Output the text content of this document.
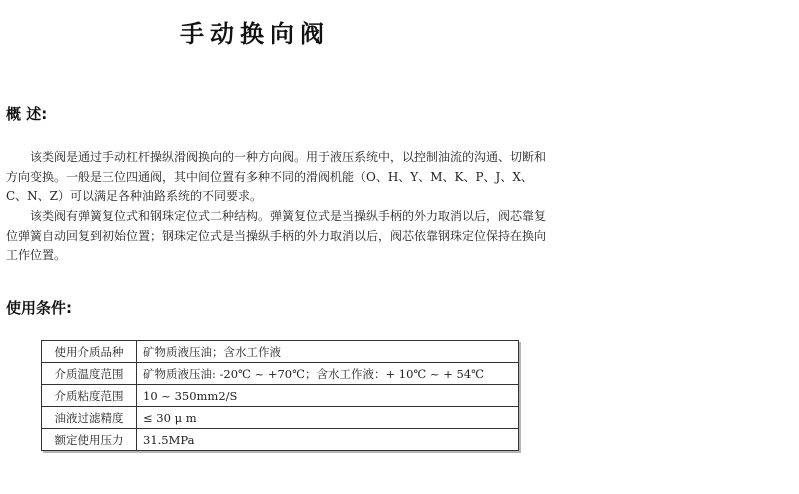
手动换向阀
概 述:

该类阀是通过手动杠杆操纵滑阀换向的一种方向阀。用于液压系统中，以控制油流的沟通、切断和方向变换。一般是三位四通阀，其中间位置有多种不同的滑阀机能（O、H、Y、M、K、P、J、X、C、N、Z）可以满足各种油路系统的不同要求。

该类阀有弹簧复位式和钢珠定位式二种结构。弹簧复位式是当操纵手柄的外力取消以后，阀芯靠复位弹簧自动回复到初始位置；钢珠定位式是当操纵手柄的外力取消以后，阀芯依靠钢珠定位保持在换向工作位置。

使用条件:
使用介质品种	矿物质液压油；含水工作液
介质温度范围	矿物质液压油: -20℃ ~ +70℃；含水工作液：+ 10℃ ~ + 54℃
介质粘度范围	10 ~ 350mm2/S
油液过滤精度	≤ 30 μ m
额定使用压力	31.5MPa
